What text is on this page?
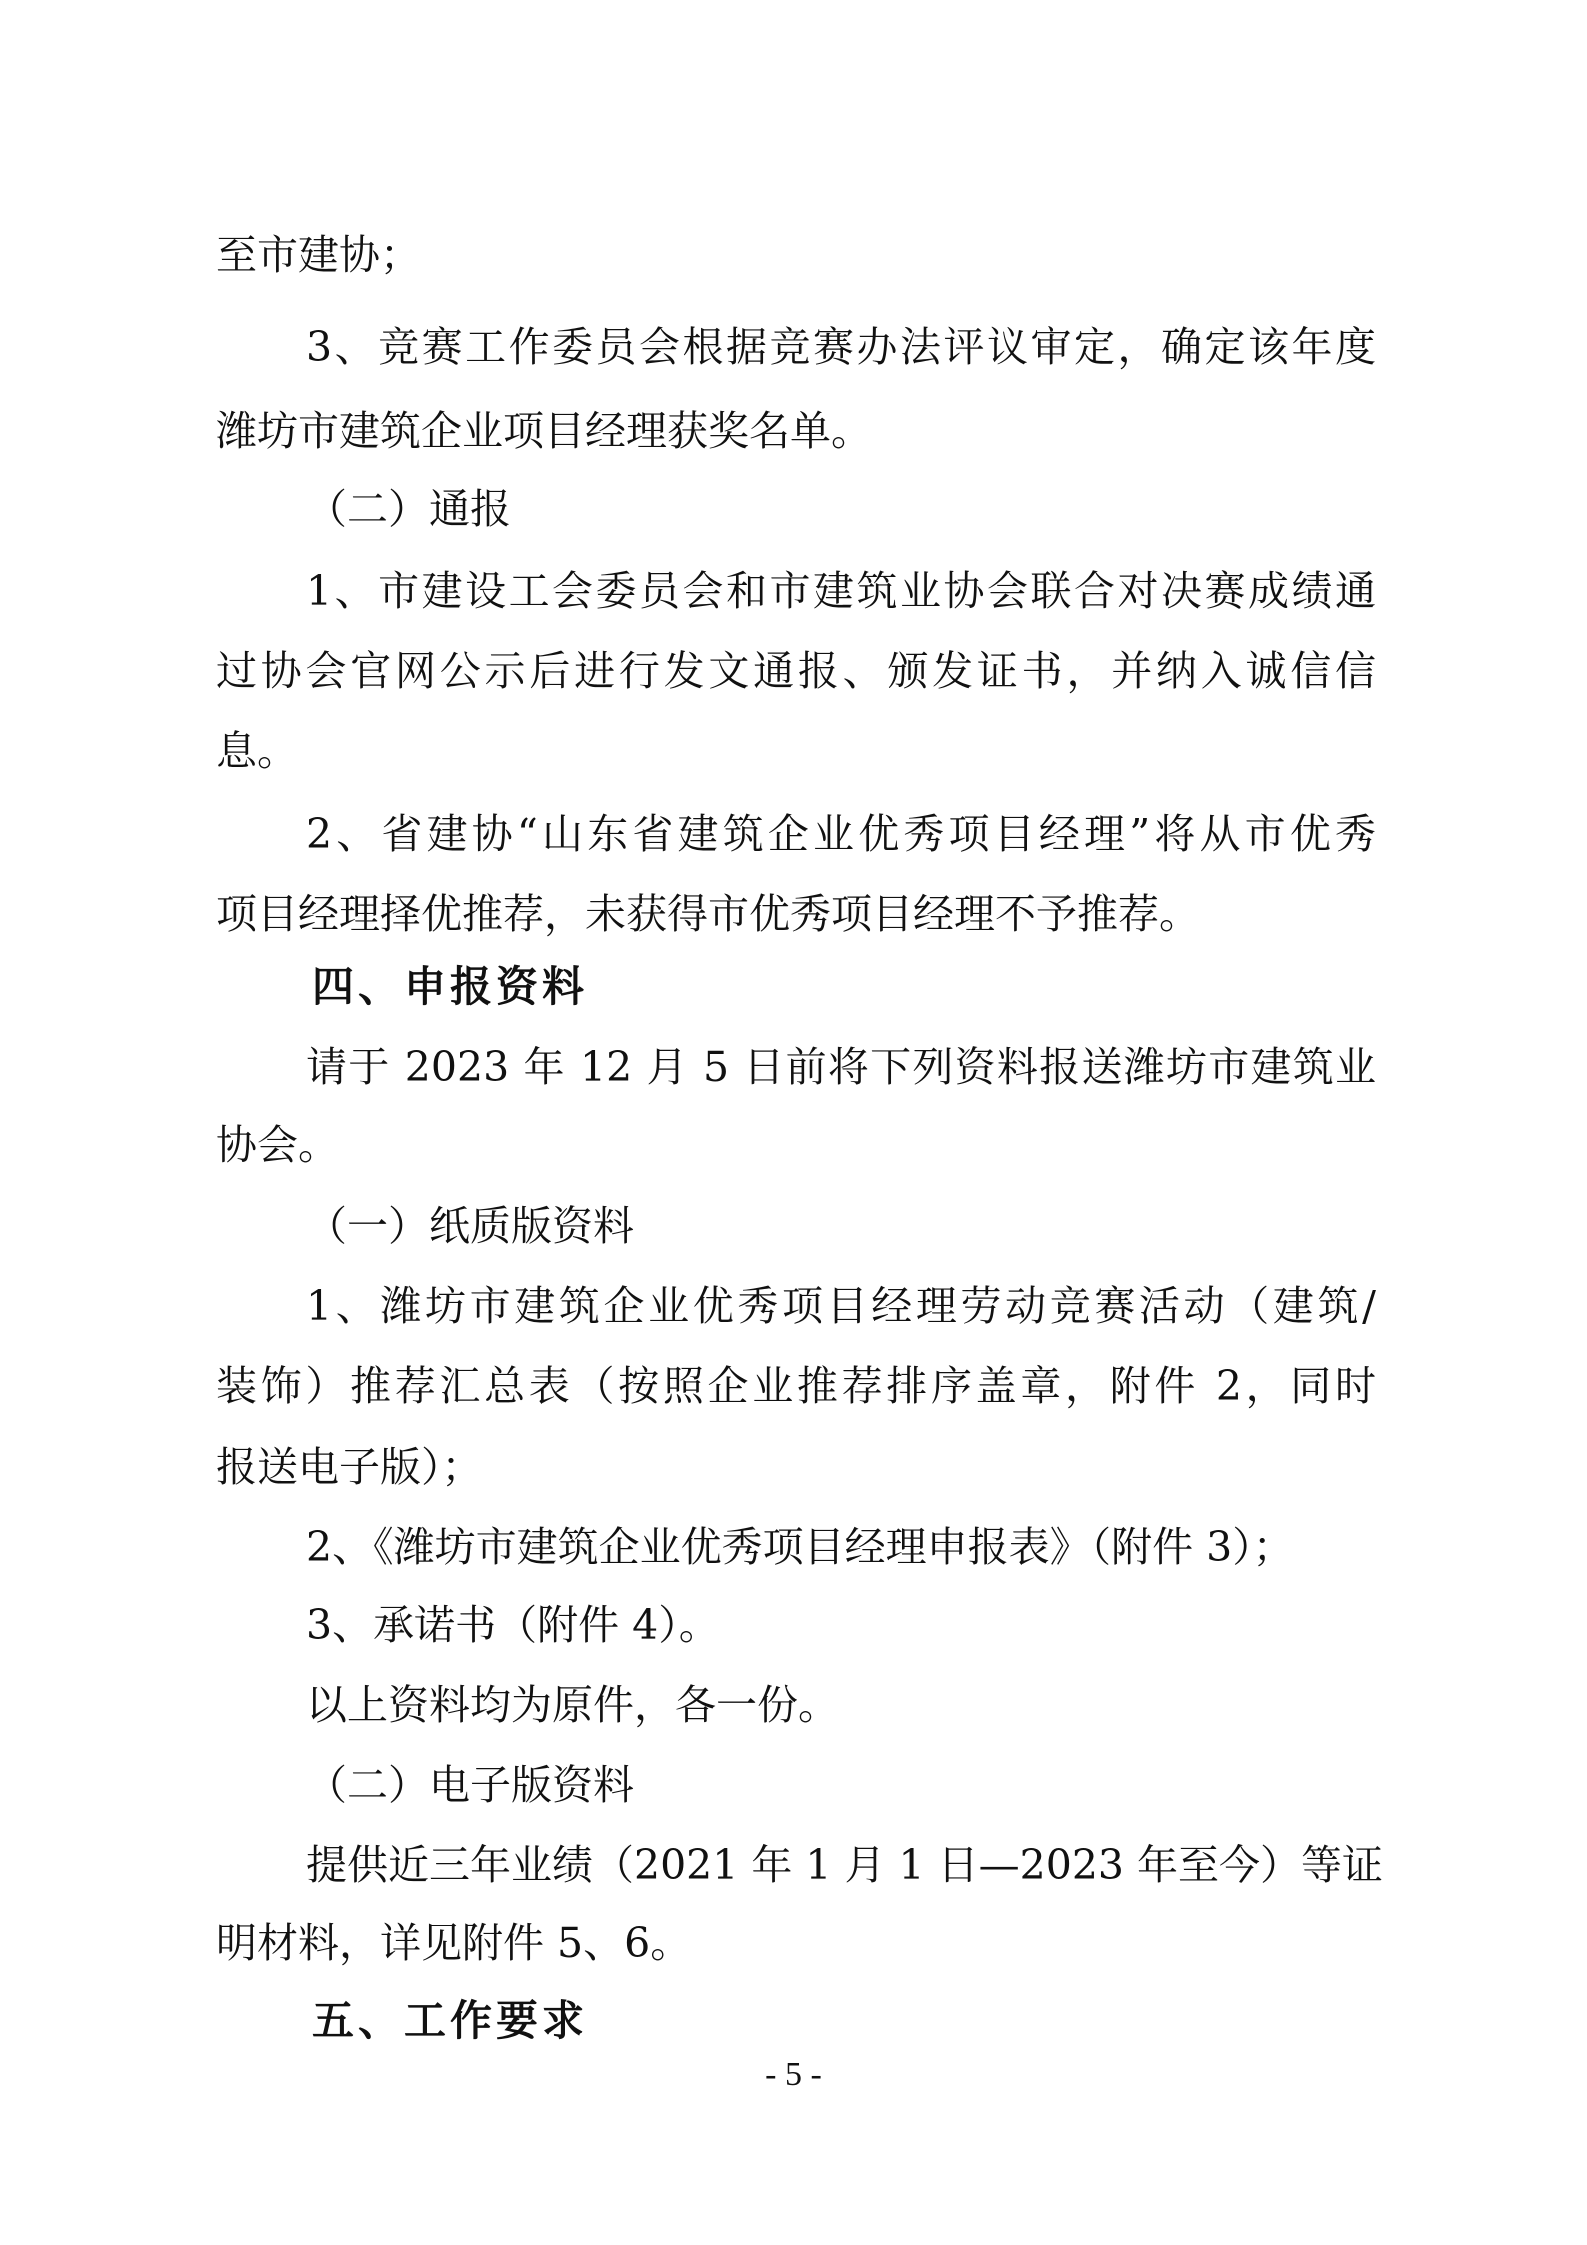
至市建协；
3、竞赛工作委员会根据竞赛办法评议审定，确定该年度
潍坊市建筑企业项目经理获奖名单。
（二）通报
1、市建设工会委员会和市建筑业协会联合对决赛成绩通
过协会官网公示后进行发文通报、颁发证书，并纳入诚信信
息。
2、省建协“山东省建筑企业优秀项目经理”将从市优秀
项目经理择优推荐，未获得市优秀项目经理不予推荐。
四、申报资料
请于 2023 年 12 月 5 日前将下列资料报送潍坊市建筑业
协会。
（一）纸质版资料
1、潍坊市建筑企业优秀项目经理劳动竞赛活动（建筑/
装饰）推荐汇总表（按照企业推荐排序盖章，附件 2，同时
报送电子版）；
2、《潍坊市建筑企业优秀项目经理申报表》（附件 3）；
3、承诺书（附件 4）。
以上资料均为原件，各一份。
（二）电子版资料
提供近三年业绩（2021 年 1 月 1 日—2023 年至今）等证
明材料，详见附件 5、6。
五、工作要求
- 5 -
